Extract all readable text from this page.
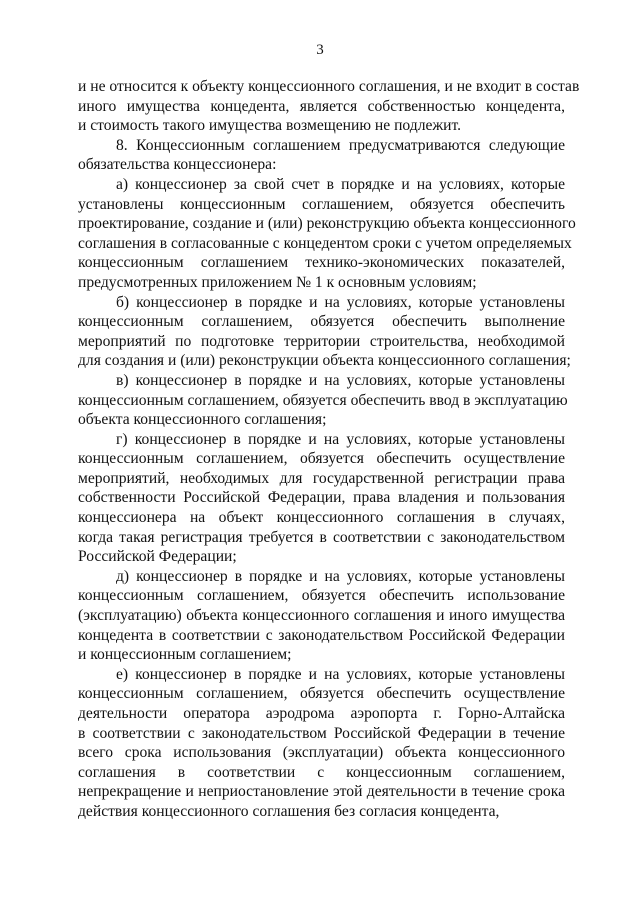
3
и не относится к объекту концессионного соглашения, и не входит в состав
иного имущества концедента, является собственностью концедента,
и стоимость такого имущества возмещению не подлежит.
8. Концессионным соглашением предусматриваются следующие
обязательства концессионера:
а) концессионер за свой счет в порядке и на условиях, которые
установлены концессионным соглашением, обязуется обеспечить
проектирование, создание и (или) реконструкцию объекта концессионного
соглашения в согласованные с концедентом сроки с учетом определяемых
концессионным соглашением технико-экономических показателей,
предусмотренных приложением № 1 к основным условиям;
б) концессионер в порядке и на условиях, которые установлены
концессионным соглашением, обязуется обеспечить выполнение
мероприятий по подготовке территории строительства, необходимой
для создания и (или) реконструкции объекта концессионного соглашения;
в) концессионер в порядке и на условиях, которые установлены
концессионным соглашением, обязуется обеспечить ввод в эксплуатацию
объекта концессионного соглашения;
г) концессионер в порядке и на условиях, которые установлены
концессионным соглашением, обязуется обеспечить осуществление
мероприятий, необходимых для государственной регистрации права
собственности Российской Федерации, права владения и пользования
концессионера на объект концессионного соглашения в случаях,
когда такая регистрация требуется в соответствии с законодательством
Российской Федерации;
д) концессионер в порядке и на условиях, которые установлены
концессионным соглашением, обязуется обеспечить использование
(эксплуатацию) объекта концессионного соглашения и иного имущества
концедента в соответствии с законодательством Российской Федерации
и концессионным соглашением;
е) концессионер в порядке и на условиях, которые установлены
концессионным соглашением, обязуется обеспечить осуществление
деятельности оператора аэродрома аэропорта г. Горно-Алтайска
в соответствии с законодательством Российской Федерации в течение
всего срока использования (эксплуатации) объекта концессионного
соглашения в соответствии с концессионным соглашением,
непрекращение и неприостановление этой деятельности в течение срока
действия концессионного соглашения без согласия концедента,
